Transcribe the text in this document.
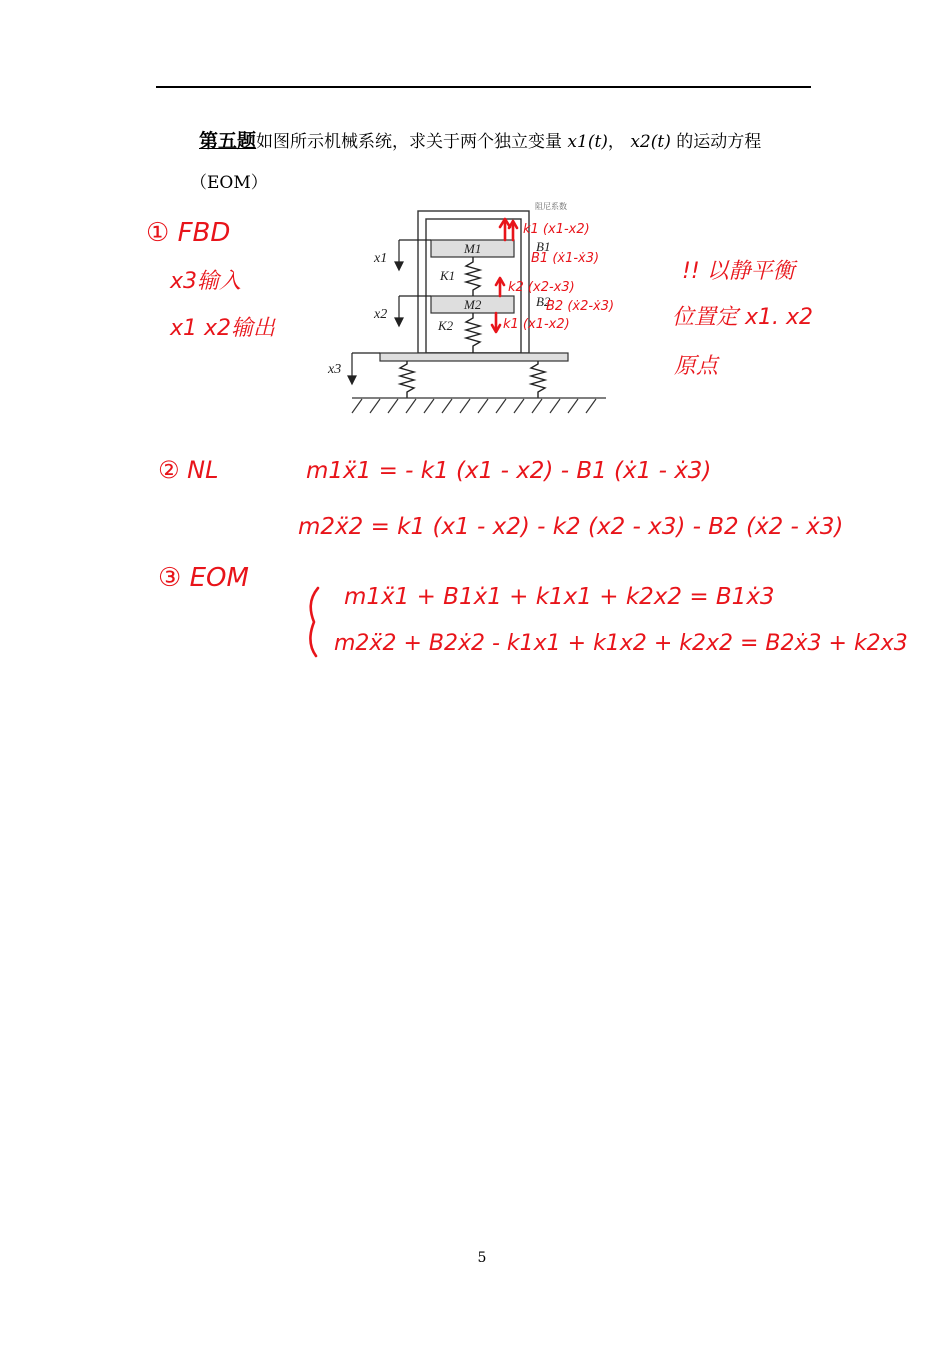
第五题如图所示机械系统，求关于两个独立变量 x1(t)， x2(t) 的运动方程
（EOM）
x1
x2
x3
M1
M2
K1
K2
B1
B2
阻尼系数
k1 (x1-x2)
B1 (ẋ1-ẋ3)
k2 (x2-x3)
B2 (ẋ2-ẋ3)
k1 (x1-x2)
① FBD
x3输入
x1 x2输出
!! 以静平衡
位置定 x1. x2
原点
② NL	m1ẍ1 = - k1 (x1 - x2) - B1 (ẋ1 - ẋ3)
m2ẍ2 = k1 (x1 - x2) - k2 (x2 - x3) - B2 (ẋ2 - ẋ3)
③ EOM
m1ẍ1 + B1ẋ1 + k1x1 + k2x2 = B1ẋ3
m2ẍ2 + B2ẋ2 - k1x1 + k1x2 + k2x2 = B2ẋ3 + k2x3
5
